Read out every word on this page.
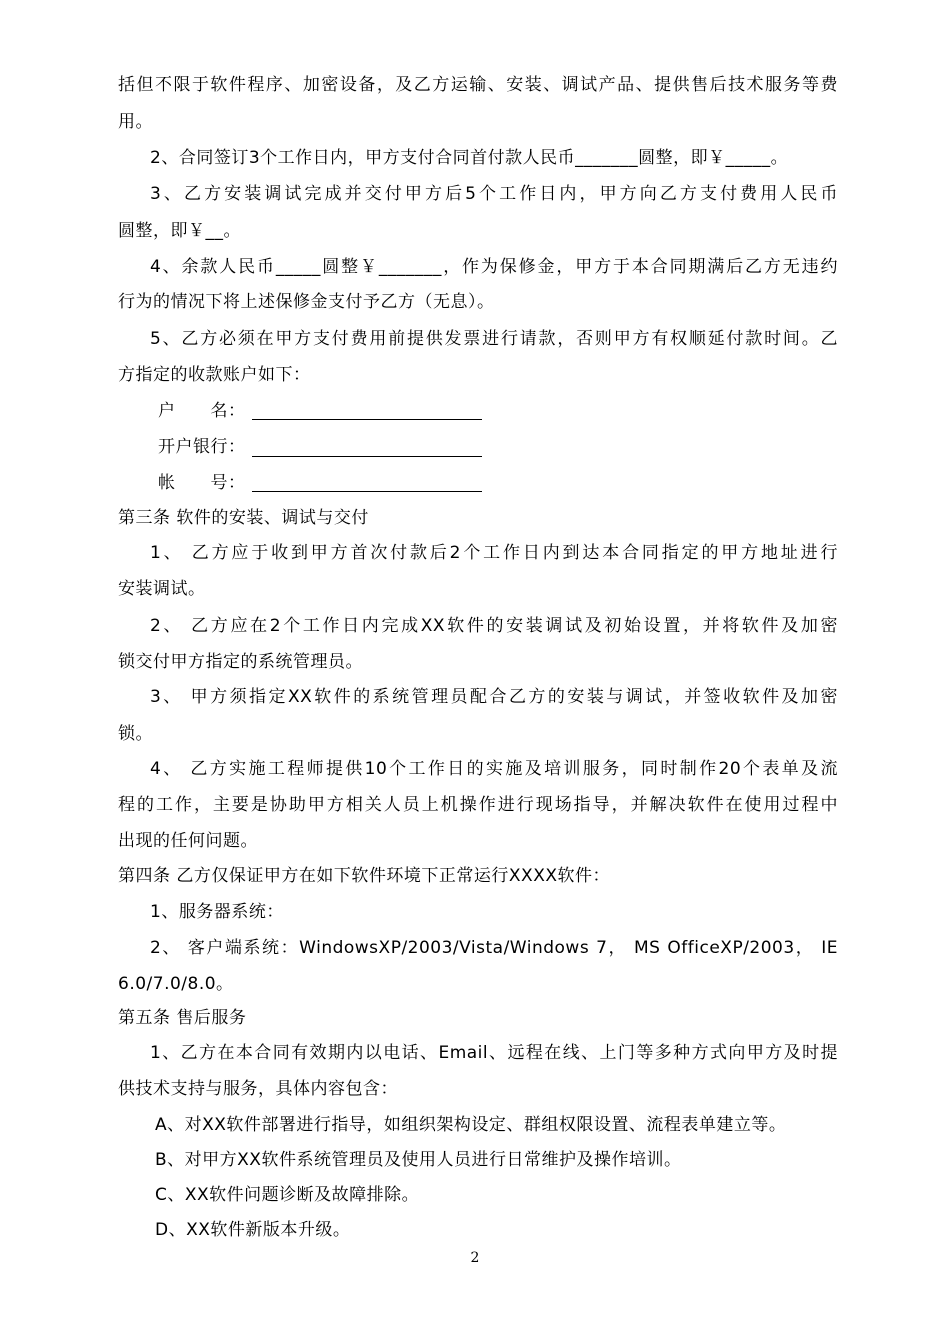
括但不限于软件程序、加密设备，及乙方运输、安装、调试产品、提供售后技术服务等费
用。
2、合同签订3个工作日内，甲方支付合同首付款人民币_______圆整，即￥_____。
3、乙方安装调试完成并交付甲方后5个工作日内，甲方向乙方支付费用人民币
圆整，即￥__。
4、余款人民币_____圆整￥_______，作为保修金，甲方于本合同期满后乙方无违约
行为的情况下将上述保修金支付予乙方（无息）。
5、乙方必须在甲方支付费用前提供发票进行请款，否则甲方有权顺延付款时间。乙
方指定的收款账户如下：
户　　名：
开户银行：
帐　　号：
第三条 软件的安装、调试与交付
1、 乙方应于收到甲方首次付款后2个工作日内到达本合同指定的甲方地址进行
安装调试。
2、 乙方应在2个工作日内完成XX软件的安装调试及初始设置，并将软件及加密
锁交付甲方指定的系统管理员。
3、 甲方须指定XX软件的系统管理员配合乙方的安装与调试，并签收软件及加密
锁。
4、 乙方实施工程师提供10个工作日的实施及培训服务，同时制作20个表单及流
程的工作，主要是协助甲方相关人员上机操作进行现场指导，并解决软件在使用过程中
出现的任何问题。
第四条 乙方仅保证甲方在如下软件环境下正常运行XXXX软件：
1、服务器系统：
2、 客户端系统：WindowsXP/2003/Vista/Windows 7， MS OfficeXP/2003， IE
6.0/7.0/8.0。
第五条 售后服务
1、乙方在本合同有效期内以电话、Email、远程在线、上门等多种方式向甲方及时提
供技术支持与服务，具体内容包含：
A、对XX软件部署进行指导，如组织架构设定、群组权限设置、流程表单建立等。
B、对甲方XX软件系统管理员及使用人员进行日常维护及操作培训。
C、XX软件问题诊断及故障排除。
D、XX软件新版本升级。
2
